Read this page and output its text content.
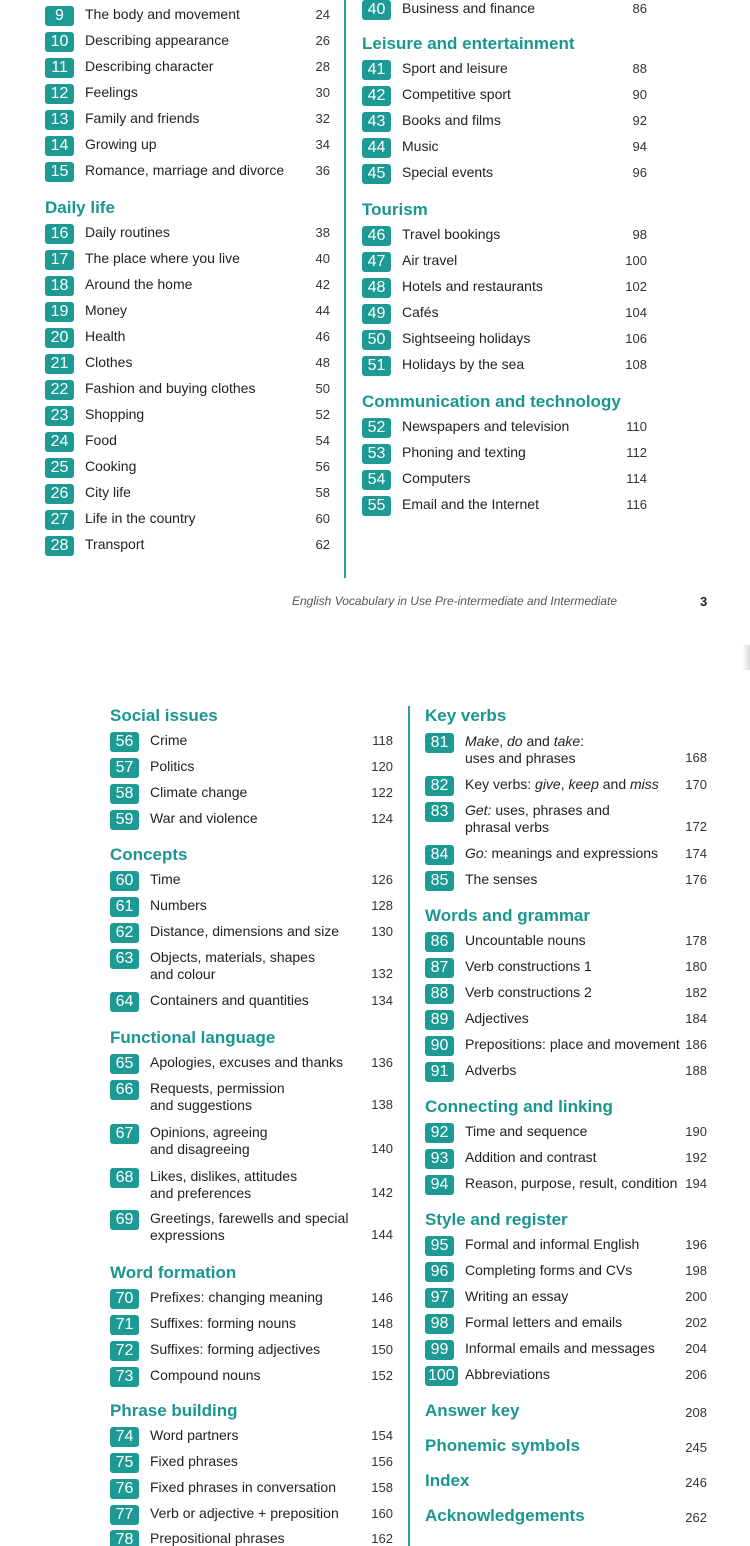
9	The body and movement	24
10	Describing appearance	26
11	Describing character	28
12	Feelings	30
13	Family and friends	32
14	Growing up	34
15	Romance, marriage and divorce 36
Daily life
16	Daily routines	38
17	The place where you live	40
18	Around the home	42
19	Money	44
20	Health	46
21	Clothes	48
22	Fashion and buying clothes	50
23	Shopping	52
24	Food	54
25	Cooking	56
26	City life	58
27	Life in the country	60
28	Transport	62
40	Business and finance	86
Leisure and entertainment
41	Sport and leisure	88
42	Competitive sport	90
43	Books and films	92
44	Music	94
45	Special events	96
Tourism
46	Travel bookings	98
47	Air travel	100
48	Hotels and restaurants	102
49	Cafés	104
50	Sightseeing holidays	106
51	Holidays by the sea	108
Communication and technology
52	Newspapers and television	110
53	Phoning and texting	112
54	Computers	114
55	Email and the Internet	116
English Vocabulary in Use Pre-intermediate and Intermediate	3
Social issues
56	Crime	118
57	Politics	120
58	Climate change	122
59	War and violence	124
Concepts
60	Time	126
61	Numbers	128
62	Distance, dimensions and size 130
63	Objects, materials, shapes
and colour	132
64	Containers and quantities	134
Functional language
65	Apologies, excuses and thanks 136
66	Requests, permission
and suggestions	138
67	Opinions, agreeing
and disagreeing	140
68	Likes, dislikes, attitudes
and preferences	142
69	Greetings, farewells and special
expressions	144
Word formation
70	Prefixes: changing meaning	146
71	Suffixes: forming nouns	148
72	Suffixes: forming adjectives	150
73	Compound nouns	152
Phrase building
74	Word partners	154
75	Fixed phrases	156
76	Fixed phrases in conversation	158
77	Verb or adjective + preposition	160
78	Prepositional phrases	162
Key verbs
81	Make, do and take:
uses and phrases	168
82	Key verbs: give, keep and miss 170
83	Get: uses, phrases and
phrasal verbs	172
84	Go: meanings and expressions 174
85	The senses	176
Words and grammar
86	Uncountable nouns	178
87	Verb constructions 1	180
88	Verb constructions 2	182
89	Adjectives	184
90	Prepositions: place and movement 186
91	Adverbs	188
Connecting and linking
92	Time and sequence	190
93	Addition and contrast	192
94	Reason, purpose, result, condition 194
Style and register
95	Formal and informal English	196
96	Completing forms and CVs	198
97	Writing an essay	200
98	Formal letters and emails	202
99	Informal emails and messages 204
100 Abbreviations	206
Answer key	208
Phonemic symbols	245
Index	246
Acknowledgements	262
